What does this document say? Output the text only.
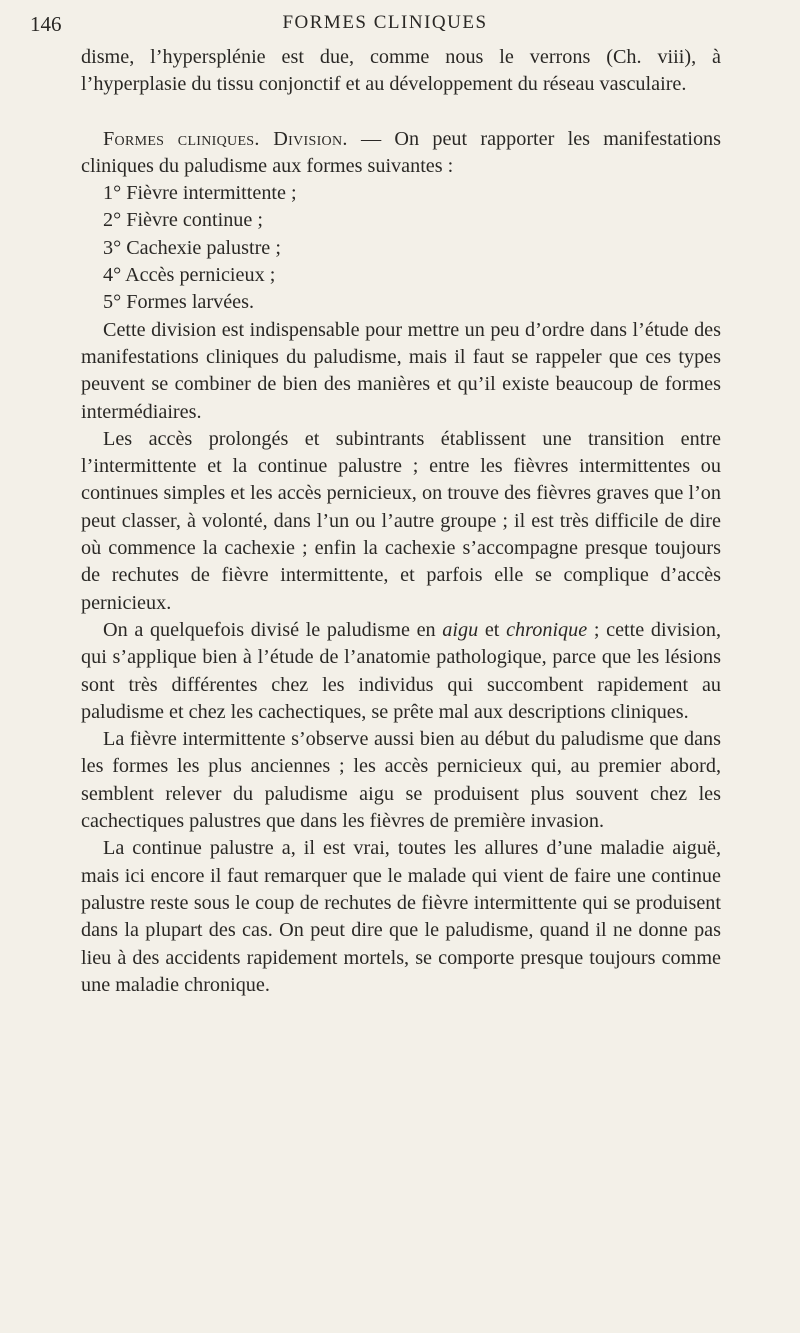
146	FORMES CLINIQUES

disme, l’hypersplénie est due, comme nous le verrons (Ch. viii), à l’hyperplasie du tissu conjonctif et au développement du réseau vasculaire.

Formes cliniques. Division. — On peut rapporter les manifestations cliniques du paludisme aux formes suivantes :

1° Fièvre intermittente ;
2° Fièvre continue ;
3° Cachexie palustre ;
4° Accès pernicieux ;
5° Formes larvées.

Cette division est indispensable pour mettre un peu d’ordre dans l’étude des manifestations cliniques du paludisme, mais il faut se rappeler que ces types peuvent se combiner de bien des manières et qu’il existe beaucoup de formes intermédiaires.

Les accès prolongés et subintrants établissent une transition entre l’intermittente et la continue palustre ; entre les fièvres intermittentes ou continues simples et les accès pernicieux, on trouve des fièvres graves que l’on peut classer, à volonté, dans l’un ou l’autre groupe ; il est très difficile de dire où commence la cachexie ; enfin la cachexie s’accompagne presque toujours de rechutes de fièvre intermittente, et parfois elle se complique d’accès pernicieux.

On a quelquefois divisé le paludisme en aigu et chronique ; cette division, qui s’applique bien à l’étude de l’anatomie pathologique, parce que les lésions sont très différentes chez les individus qui succombent rapidement au paludisme et chez les cachectiques, se prête mal aux descriptions cliniques.

La fièvre intermittente s’observe aussi bien au début du paludisme que dans les formes les plus anciennes ; les accès pernicieux qui, au premier abord, semblent relever du paludisme aigu se produisent plus souvent chez les cachectiques palustres que dans les fièvres de première invasion.

La continue palustre a, il est vrai, toutes les allures d’une maladie aiguë, mais ici encore il faut remarquer que le malade qui vient de faire une continue palustre reste sous le coup de rechutes de fièvre intermittente qui se produisent dans la plupart des cas. On peut dire que le paludisme, quand il ne donne pas lieu à des accidents rapidement mortels, se comporte presque toujours comme une maladie chronique.
